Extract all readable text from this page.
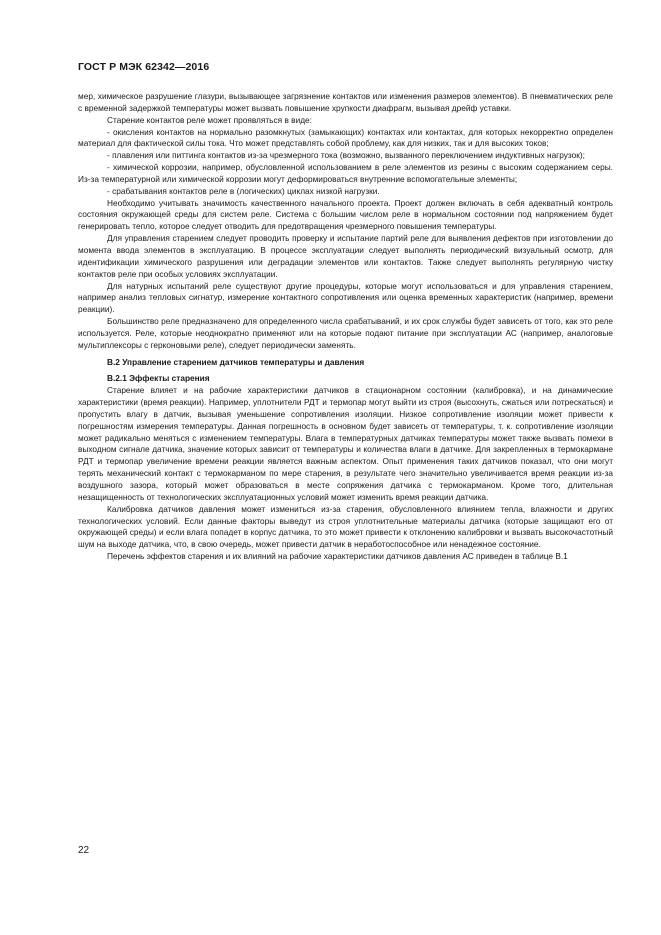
ГОСТ Р МЭК 62342—2016

мер, химическое разрушение глазури, вызывающее загрязнение контактов или изменения размеров элементов). В пневматических реле с временной задержкой температуры может вызвать повышение хрупкости диафрагм, вызывая дрейф уставки.

Старение контактов реле может проявляться в виде:

- окисления контактов на нормально разомкнутых (замыкающих) контактах или контактах, для которых некорректно определен материал для фактической силы тока. Что может представлять собой проблему, как для низких, так и для высоких токов;

- плавления или питтинга контактов из-за чрезмерного тока (возможно, вызванного переключением индуктивных нагрузок);

- химической коррозии, например, обусловленной использованием в реле элементов из резины с высоким содержанием серы. Из-за температурной или химической коррозии могут деформироваться внутренние вспомогательные элементы;

- срабатывания контактов реле в (логических) циклах низкой нагрузки.

Необходимо учитывать значимость качественного начального проекта. Проект должен включать в себя адекватный контроль состояния окружающей среды для систем реле. Система с большим числом реле в нормальном состоянии под напряжением будет генерировать тепло, которое следует отводить для предотвращения чрезмерного повышения температуры.

Для управления старением следует проводить проверку и испытание партий реле для выявления дефектов при изготовлении до момента ввода элементов в эксплуатацию. В процессе эксплуатации следует выполнять периодический визуальный осмотр, для идентификации химического разрушения или деградации элементов или контактов. Также следует выполнять регулярную чистку контактов реле при особых условиях эксплуатации.

Для натурных испытаний реле существуют другие процедуры, которые могут использоваться и для управления старением, например анализ тепловых сигнатур, измерение контактного сопротивления или оценка временных характеристик (например, времени реакции).

Большинство реле предназначено для определенного числа срабатываний, и их срок службы будет зависеть от того, как это реле используется. Реле, которые неоднократно применяют или на которые подают питание при эксплуатации АС (например, аналоговые мультиплексоры с герконовыми реле), следует периодически заменять.

В.2 Управление старением датчиков температуры и давления

В.2.1 Эффекты старения

Старение влияет и на рабочие характеристики датчиков в стационарном состоянии (калибровка), и на динамические характеристики (время реакции). Например, уплотнители РДТ и термопар могут выйти из строя (высохнуть, сжаться или потрескаться) и пропустить влагу в датчик, вызывая уменьшение сопротивления изоляции. Низкое сопротивление изоляции может привести к погрешностям измерения температуры. Данная погрешность в основном будет зависеть от температуры, т. к. сопротивление изоляции может радикально меняться с изменением температуры. Влага в температурных датчиках температуры может также вызвать помехи в выходном сигнале датчика, значение которых зависит от температуры и количества влаги в датчике. Для закрепленных в термокармане РДТ и термопар увеличение времени реакции является важным аспектом. Опыт применения таких датчиков показал, что они могут терять механический контакт с термокарманом по мере старения, в результате чего значительно увеличивается время реакции из-за воздушного зазора, который может образоваться в месте сопряжения датчика с термокарманом. Кроме того, длительная незащищенность от технологических эксплуатационных условий может изменить время реакции датчика.

Калибровка датчиков давления может измениться из-за старения, обусловленного влиянием тепла, влажности и других технологических условий. Если данные факторы выведут из строя уплотнительные материалы датчика (которые защищают его от окружающей среды) и если влага попадет в корпус датчика, то это может привести к отклонению калибровки и вызвать высокочастотный шум на выходе датчика, что, в свою очередь, может привести датчик в неработоспособное или ненадежное состояние.

Перечень эффектов старения и их влияний на рабочие характеристики датчиков давления АС приведен в таблице В.1

22
